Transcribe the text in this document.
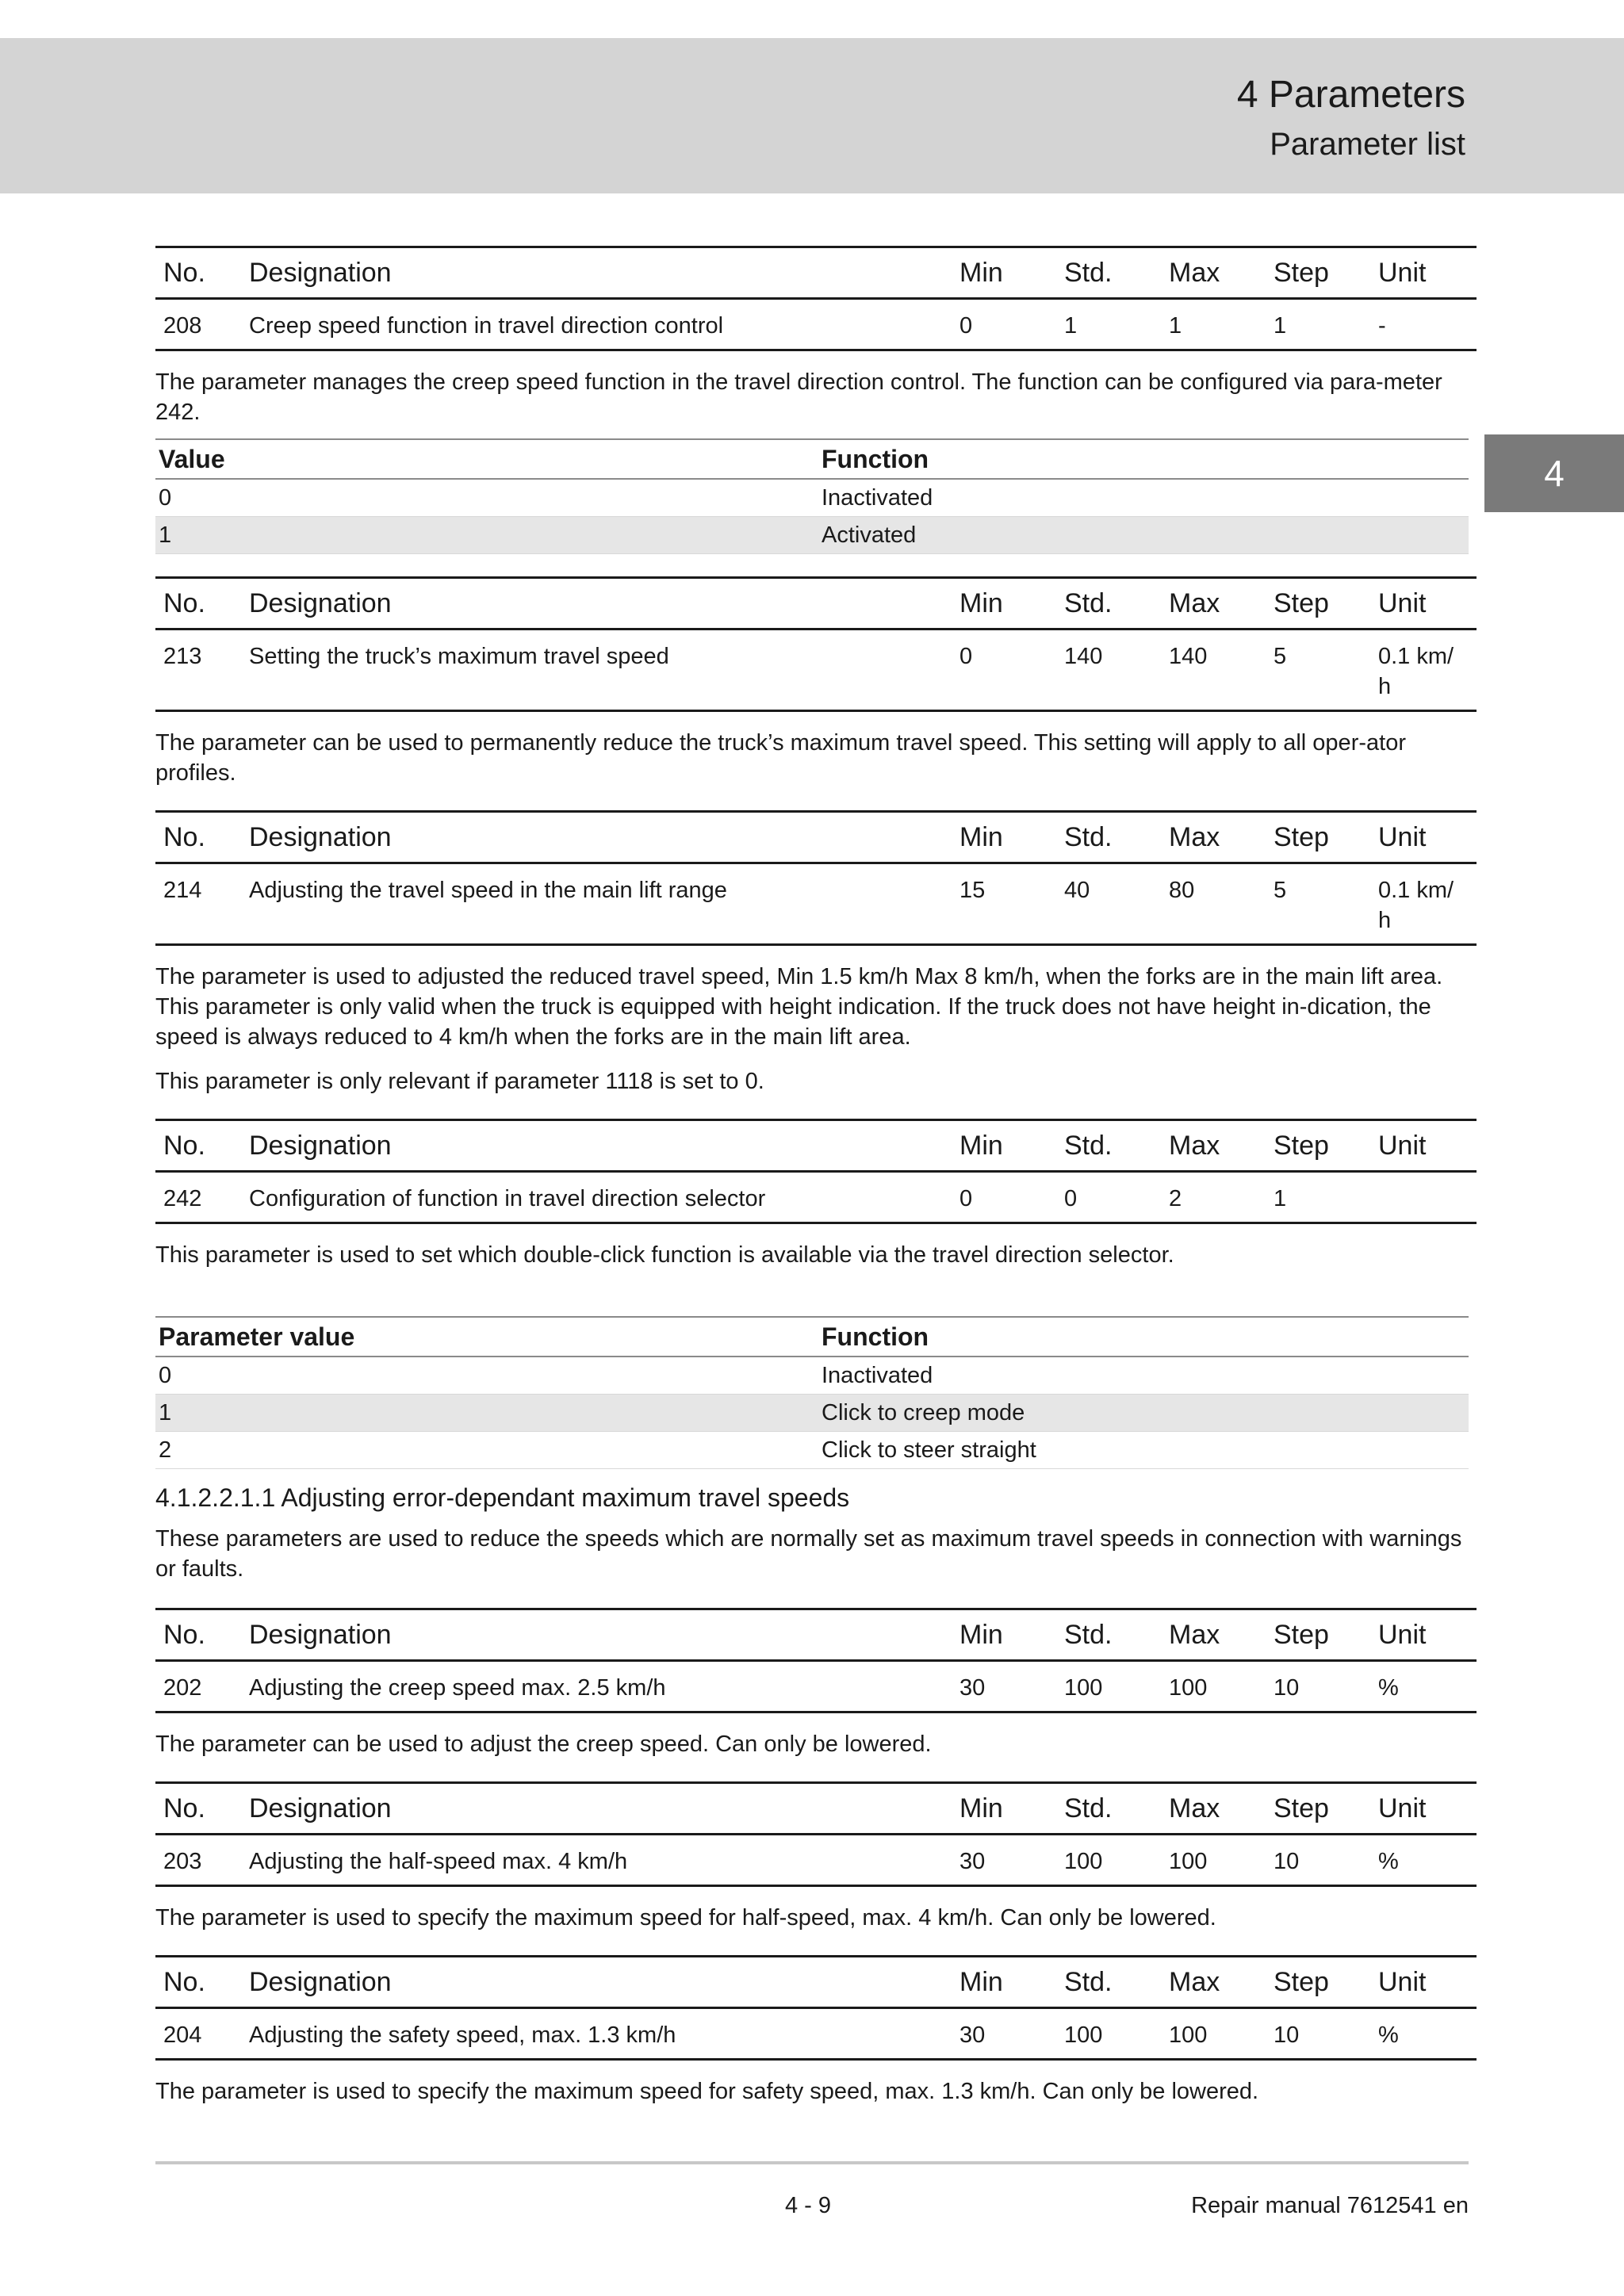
4 Parameters
Parameter list
4
No.	Designation	Min	Std.	Max	Step	Unit
208	Creep speed function in travel direction control	0	1	1	1	-

The parameter manages the creep speed function in the travel direction control. The function can be configured via para-meter 242.

Value	Function
0	Inactivated
1	Activated
No.	Designation	Min	Std.	Max	Step	Unit
213	Setting the truck’s maximum travel speed	0	140	140	5	0.1 km/ h

The parameter can be used to permanently reduce the truck’s maximum travel speed. This setting will apply to all oper-ator profiles.

No.	Designation	Min	Std.	Max	Step	Unit
214	Adjusting the travel speed in the main lift range	15	40	80	5	0.1 km/ h

The parameter is used to adjusted the reduced travel speed, Min 1.5 km/h Max 8 km/h, when the forks are in the main lift area. This parameter is only valid when the truck is equipped with height indication. If the truck does not have height in-dication, the speed is always reduced to 4 km/h when the forks are in the main lift area.

This parameter is only relevant if parameter 1118 is set to 0.

No.	Designation	Min	Std.	Max	Step	Unit
242	Configuration of function in travel direction selector	0	0	2	1	

This parameter is used to set which double-click function is available via the travel direction selector.

Parameter value	Function
0	Inactivated
1	Click to creep mode
2	Click to steer straight
4.1.2.2.1.1 Adjusting error-dependant maximum travel speeds

These parameters are used to reduce the speeds which are normally set as maximum travel speeds in connection with warnings or faults.

No.	Designation	Min	Std.	Max	Step	Unit
202	Adjusting the creep speed max. 2.5 km/h	30	100	100	10	%

The parameter can be used to adjust the creep speed. Can only be lowered.

No.	Designation	Min	Std.	Max	Step	Unit
203	Adjusting the half-speed max. 4 km/h	30	100	100	10	%

The parameter is used to specify the maximum speed for half-speed, max. 4 km/h. Can only be lowered.

No.	Designation	Min	Std.	Max	Step	Unit
204	Adjusting the safety speed, max. 1.3 km/h	30	100	100	10	%

The parameter is used to specify the maximum speed for safety speed, max. 1.3 km/h. Can only be lowered.

4 - 9	Repair manual 7612541 en
